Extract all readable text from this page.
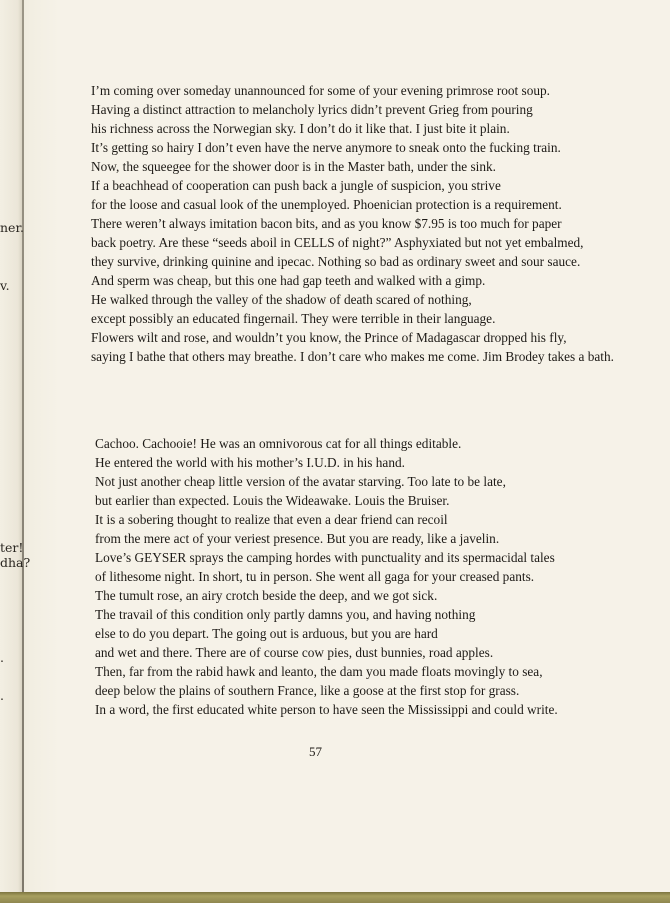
ner.
v.
ter!
dha?
.
.
I’m coming over someday unannounced for some of your evening primrose root soup.
Having a distinct attraction to melancholy lyrics didn’t prevent Grieg from pouring
his richness across the Norwegian sky. I don’t do it like that. I just bite it plain.
It’s getting so hairy I don’t even have the nerve anymore to sneak onto the fucking train.
Now, the squeegee for the shower door is in the Master bath, under the sink.
If a beachhead of cooperation can push back a jungle of suspicion, you strive
for the loose and casual look of the unemployed. Phoenician protection is a requirement.
There weren’t always imitation bacon bits, and as you know $7.95 is too much for paper
back poetry. Are these “seeds aboil in CELLS of night?” Asphyxiated but not yet embalmed,
they survive, drinking quinine and ipecac. Nothing so bad as ordinary sweet and sour sauce.
And sperm was cheap, but this one had gap teeth and walked with a gimp.
He walked through the valley of the shadow of death scared of nothing,
except possibly an educated fingernail. They were terrible in their language.
Flowers wilt and rose, and wouldn’t you know, the Prince of Madagascar dropped his fly,
saying I bathe that others may breathe. I don’t care who makes me come. Jim Brodey takes a bath.
Cachoo. Cachooie! He was an omnivorous cat for all things editable.
He entered the world with his mother’s I.U.D. in his hand.
Not just another cheap little version of the avatar starving. Too late to be late,
but earlier than expected. Louis the Wideawake. Louis the Bruiser.
It is a sobering thought to realize that even a dear friend can recoil
from the mere act of your veriest presence. But you are ready, like a javelin.
Love’s GEYSER sprays the camping hordes with punctuality and its spermacidal tales
of lithesome night. In short, tu in person. She went all gaga for your creased pants.
The tumult rose, an airy crotch beside the deep, and we got sick.
The travail of this condition only partly damns you, and having nothing
else to do you depart. The going out is arduous, but you are hard
and wet and there. There are of course cow pies, dust bunnies, road apples.
Then, far from the rabid hawk and leanto, the dam you made floats movingly to sea,
deep below the plains of southern France, like a goose at the first stop for grass.
In a word, the first educated white person to have seen the Mississippi and could write.
57
